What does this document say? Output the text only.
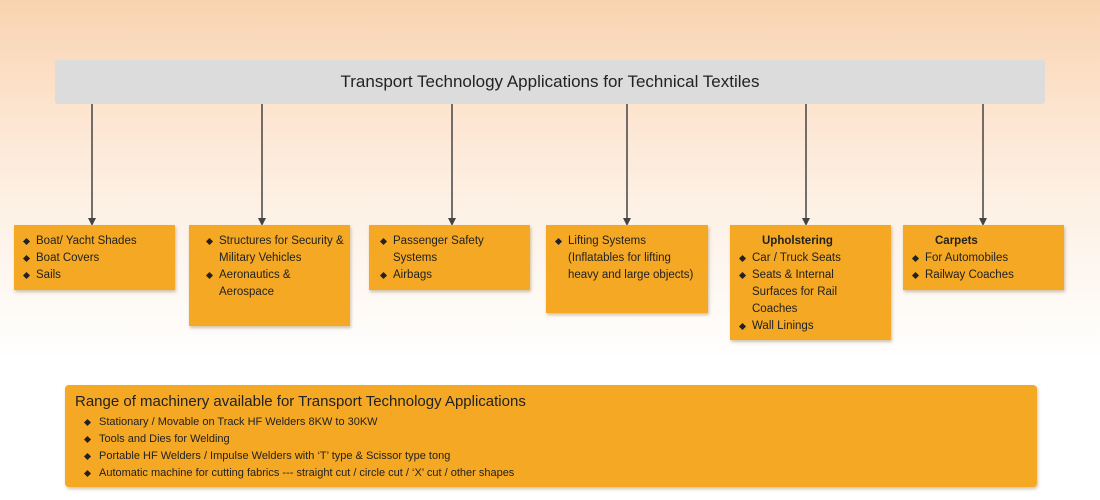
Transport Technology Applications for Technical Textiles
Boat/ Yacht Shades
Boat Covers
Sails
Structures for Security & Military Vehicles
Aeronautics & Aerospace
Passenger Safety Systems
Airbags
Lifting Systems (Inflatables for lifting heavy and large objects)
Upholstering
Car / Truck Seats
Seats & Internal Surfaces for Rail Coaches
Wall Linings
Carpets
For Automobiles
Railway Coaches
Range of machinery available for Transport Technology Applications
Stationary / Movable on Track HF Welders 8KW to 30KW
Tools and Dies for Welding
Portable HF Welders / Impulse Welders with ‘T’ type & Scissor type tong
Automatic machine for cutting fabrics --- straight cut / circle cut / ‘X’ cut / other shapes
